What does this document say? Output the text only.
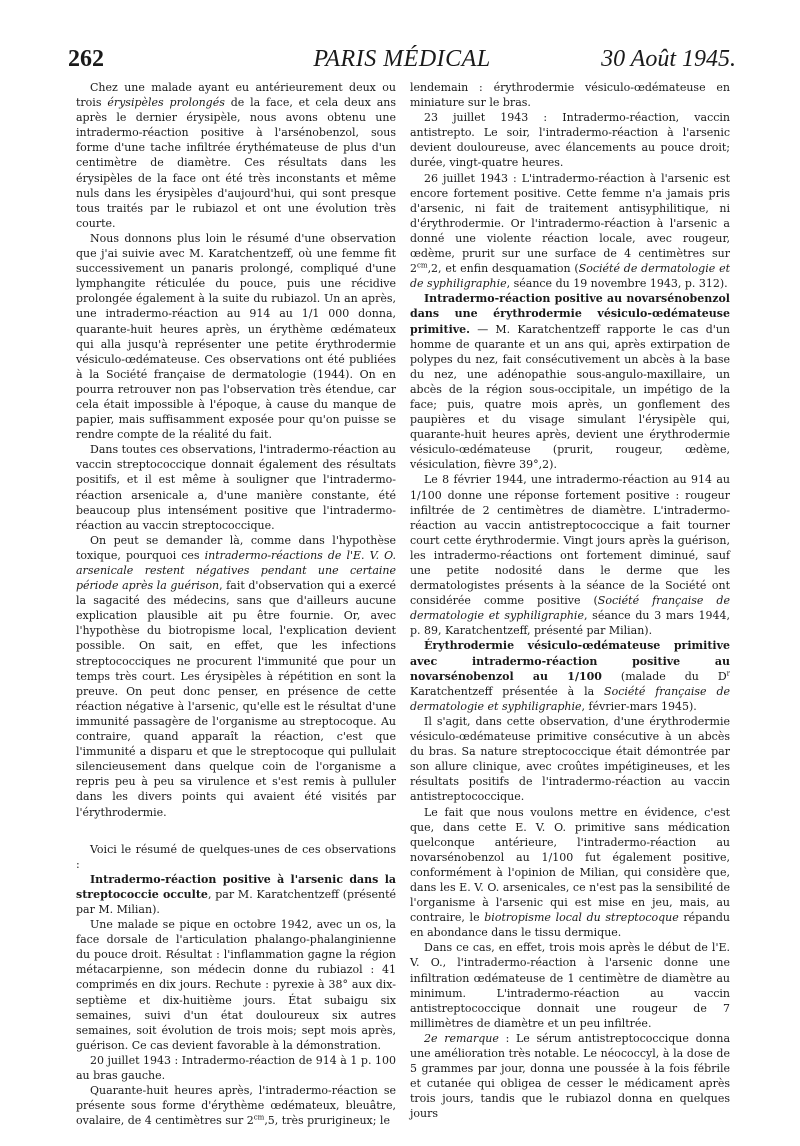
262	PARIS MÉDICAL	30 Août 1945.

Chez une malade ayant eu antérieurement deux ou trois érysipèles prolongés de la face, et cela deux ans après le dernier érysipèle, nous avons obtenu une intradermo-réaction positive à l'arsénobenzol, sous forme d'une tache infiltrée érythémateuse de plus d'un centimètre de diamètre. Ces résultats dans les érysipèles de la face ont été très inconstants et même nuls dans les érysipèles d'aujourd'hui, qui sont presque tous traités par le rubiazol et ont une évolution très courte.

Nous donnons plus loin le résumé d'une observation que j'ai suivie avec M. Karatchentzeff, où une femme fit successivement un panaris prolongé, compliqué d'une lymphangite réticulée du pouce, puis une récidive prolongée également à la suite du rubiazol. Un an après, une intradermo-réaction au 914 au 1/1 000 donna, quarante-huit heures après, un érythème œdémateux qui alla jusqu'à représenter une petite érythrodermie vésiculo-œdémateuse. Ces observations ont été publiées à la Société française de dermatologie (1944). On en pourra retrouver non pas l'observation très étendue, car cela était impossible à l'époque, à cause du manque de papier, mais suffisamment exposée pour qu'on puisse se rendre compte de la réalité du fait.

Dans toutes ces observations, l'intradermo-réaction au vaccin streptococcique donnait également des résultats positifs, et il est même à souligner que l'intradermo-réaction arsenicale a, d'une manière constante, été beaucoup plus intensément positive que l'intradermo-réaction au vaccin streptococcique.

On peut se demander là, comme dans l'hypothèse toxique, pourquoi ces intradermo-réactions de l'E. V. O. arsenicale restent négatives pendant une certaine période après la guérison, fait d'observation qui a exercé la sagacité des médecins, sans que d'ailleurs aucune explication plausible ait pu être fournie. Or, avec l'hypothèse du biotropisme local, l'explication devient possible. On sait, en effet, que les infections streptococciques ne procurent l'immunité que pour un temps très court. Les érysipèles à répétition en sont la preuve. On peut donc penser, en présence de cette réaction négative à l'arsenic, qu'elle est le résultat d'une immunité passagère de l'organisme au streptocoque. Au contraire, quand apparaît la réaction, c'est que l'immunité a disparu et que le streptocoque qui pullulait silencieusement dans quelque coin de l'organisme a repris peu à peu sa virulence et s'est remis à pulluler dans les divers points qui avaient été visités par l'érythrodermie.

Voici le résumé de quelques-unes de ces observations :

Intradermo-réaction positive à l'arsenic dans la streptococcie occulte, par M. Karatchentzeff (présenté par M. Milian).

Une malade se pique en octobre 1942, avec un os, la face dorsale de l'articulation phalango-phalanginienne du pouce droit. Résultat : l'inflammation gagne la région métacarpienne, son médecin donne du rubiazol : 41 comprimés en dix jours. Rechute : pyrexie à 38° aux dix-septième et dix-huitième jours. État subaigu six semaines, suivi d'un état douloureux six autres semaines, soit évolution de trois mois; sept mois après, guérison. Ce cas devient favorable à la démonstration.

20 juillet 1943 : Intradermo-réaction de 914 à 1 p. 100 au bras gauche.

Quarante-huit heures après, l'intradermo-réaction se présente sous forme d'érythème œdémateux, bleuâtre, ovalaire, de 4 centimètres sur $2^{cm},5$, très prurigineux; le

lendemain : érythrodermie vésiculo-œdémateuse en miniature sur le bras.

23 juillet 1943 : Intradermo-réaction, vaccin antistrepto. Le soir, l'intradermo-réaction à l'arsenic devient douloureuse, avec élancements au pouce droit; durée, vingt-quatre heures.

26 juillet 1943 : L'intradermo-réaction à l'arsenic est encore fortement positive. Cette femme n'a jamais pris d'arsenic, ni fait de traitement antisyphilitique, ni d'érythrodermie. Or l'intradermo-réaction à l'arsenic a donné une violente réaction locale, avec rougeur, œdème, prurit sur une surface de 4 centimètres sur $2^{cm},2$, et enfin desquamation (Société de dermatologie et de syphiligraphie, séance du 19 novembre 1943, p. 312).

Intradermo-réaction positive au novarsénobenzol dans une érythrodermie vésiculo-œdémateuse primitive. — M. Karatchentzeff rapporte le cas d'un homme de quarante et un ans qui, après extirpation de polypes du nez, fait consécutivement un abcès à la base du nez, une adénopathie sous-angulo-maxillaire, un abcès de la région sous-occipitale, un impétigo de la face; puis, quatre mois après, un gonflement des paupières et du visage simulant l'érysipèle qui, quarante-huit heures après, devient une érythrodermie vésiculo-œdémateuse (prurit, rougeur, œdème, vésiculation, fièvre 39°,2).

Le 8 février 1944, une intradermo-réaction au 914 au 1/100 donne une réponse fortement positive : rougeur infiltrée de 2 centimètres de diamètre. L'intradermo-réaction au vaccin antistreptococcique a fait tourner court cette érythrodermie. Vingt jours après la guérison, les intradermo-réactions ont fortement diminué, sauf une petite nodosité dans le derme que les dermatologistes présents à la séance de la Société ont considérée comme positive (Société française de dermatologie et syphiligraphie, séance du 3 mars 1944, p. 89, Karatchentzeff, présenté par Milian).

Érythrodermie vésiculo-œdémateuse primitive avec intradermo-réaction positive au novarsénobenzol au 1/100 (malade du $D^r$ Karatchentzeff présentée à la Société française de dermatologie et syphiligraphie, février-mars 1945).

Il s'agit, dans cette observation, d'une érythrodermie vésiculo-œdémateuse primitive consécutive à un abcès du bras. Sa nature streptococcique était démontrée par son allure clinique, avec croûtes impétigineuses, et les résultats positifs de l'intradermo-réaction au vaccin antistreptococcique.

Le fait que nous voulons mettre en évidence, c'est que, dans cette E. V. O. primitive sans médication quelconque antérieure, l'intradermo-réaction au novarsénobenzol au 1/100 fut également positive, conformément à l'opinion de Milian, qui considère que, dans les E. V. O. arsenicales, ce n'est pas la sensibilité de l'organisme à l'arsenic qui est mise en jeu, mais, au contraire, le biotropisme local du streptocoque répandu en abondance dans le tissu dermique.

Dans ce cas, en effet, trois mois après le début de l'E. V. O., l'intradermo-réaction à l'arsenic donne une infiltration œdémateuse de 1 centimètre de diamètre au minimum. L'intradermo-réaction au vaccin antistreptococcique donnait une rougeur de 7 millimètres de diamètre et un peu infiltrée.

2e remarque : Le sérum antistreptococcique donna une amélioration très notable. Le néococcyl, à la dose de 5 grammes par jour, donna une poussée à la fois fébrile et cutanée qui obligea de cesser le médicament après trois jours, tandis que le rubiazol donna en quelques jours
